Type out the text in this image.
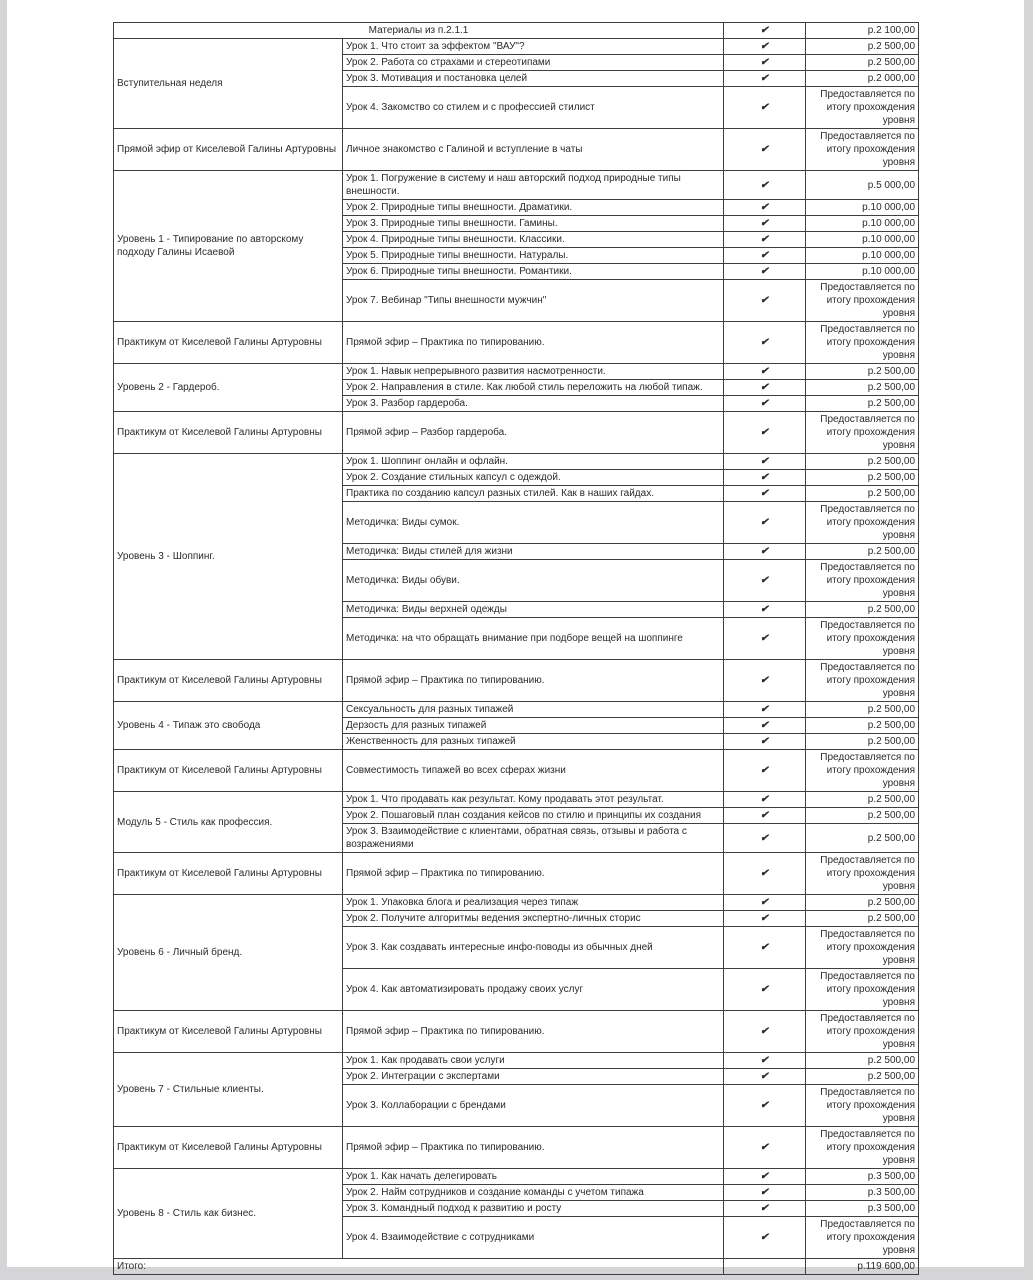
Материалы из п.2.1.1		✔	р.2 100,00
Вступительная неделя	Урок 1. Что стоит за эффектом "ВАУ"?	✔	р.2 500,00
	Урок 2. Работа со страхами и стереотипами	✔	р.2 500,00
	Урок 3. Мотивация и постановка целей	✔	р.2 000,00
	Урок 4. Закомство со стилем и с профессией стилист	✔	Предоставляется по итогу прохождения уровня
Прямой эфир от Киселевой Галины Артуровны	Личное знакомство с Галиной и вступление в чаты	✔	Предоставляется по итогу прохождения уровня
Уровень 1 - Типирование по авторскому подходу Галины Исаевой	Урок 1. Погружение в систему и наш авторский подход природные типы внешности.	✔	р.5 000,00
	Урок 2. Природные типы внешности. Драматики.	✔	р.10 000,00
	Урок 3. Природные типы внешности. Гамины.	✔	р.10 000,00
	Урок 4. Природные типы внешности. Классики.	✔	р.10 000,00
	Урок 5. Природные типы внешности. Натуралы.	✔	р.10 000,00
	Урок 6. Природные типы внешности. Романтики.	✔	р.10 000,00
	Урок 7. Вебинар "Типы внешности мужчин"	✔	Предоставляется по итогу прохождения уровня
Практикум от Киселевой Галины Артуровны	Прямой эфир – Практика по типированию.	✔	Предоставляется по итогу прохождения уровня
Уровень 2 - Гардероб.	Урок 1. Навык непрерывного развития насмотренности.	✔	р.2 500,00
	Урок 2. Направления в стиле. Как любой стиль переложить на любой типаж.	✔	р.2 500,00
	Урок 3. Разбор гардероба.	✔	р.2 500,00
Практикум от Киселевой Галины Артуровны	Прямой эфир – Разбор гардероба.	✔	Предоставляется по итогу прохождения уровня
Уровень 3 - Шоппинг.	Урок 1. Шоппинг онлайн и офлайн.	✔	р.2 500,00
	Урок 2. Создание стильных капсул с одеждой.	✔	р.2 500,00
	Практика по созданию капсул разных стилей. Как в наших гайдах.	✔	р.2 500,00
	Методичка: Виды сумок.	✔	Предоставляется по итогу прохождения уровня
	Методичка: Виды стилей для жизни	✔	р.2 500,00
	Методичка: Виды обуви.	✔	Предоставляется по итогу прохождения уровня
	Методичка: Виды верхней одежды	✔	р.2 500,00
	Методичка: на что обращать внимание при подборе вещей на шоппинге	✔	Предоставляется по итогу прохождения уровня
Практикум от Киселевой Галины Артуровны	Прямой эфир – Практика по типированию.	✔	Предоставляется по итогу прохождения уровня
Уровень 4 - Типаж это свобода	Сексуальность для разных типажей	✔	р.2 500,00
	Дерзость для разных типажей	✔	р.2 500,00
	Женственность для разных типажей	✔	р.2 500,00
Практикум от Киселевой Галины Артуровны	Совместимость типажей во всех сферах жизни	✔	Предоставляется по итогу прохождения уровня
Модуль 5 - Стиль как профессия.	Урок 1. Что продавать как результат. Кому продавать этот результат.	✔	р.2 500,00
	Урок 2. Пошаговый план создания кейсов по стилю и принципы их создания	✔	р.2 500,00
	Урок 3. Взаимодействие с клиентами, обратная связь, отзывы и работа с возражениями	✔	р.2 500,00
Практикум от Киселевой Галины Артуровны	Прямой эфир – Практика по типированию.	✔	Предоставляется по итогу прохождения уровня
Уровень 6 - Личный бренд.	Урок 1. Упаковка блога и реализация через типаж	✔	р.2 500,00
	Урок 2. Получите алгоритмы ведения экспертно-личных сторис	✔	р.2 500,00
	Урок 3. Как создавать интересные инфо-поводы из обычных дней	✔	Предоставляется по итогу прохождения уровня
	Урок 4. Как автоматизировать продажу своих услуг	✔	Предоставляется по итогу прохождения уровня
Практикум от Киселевой Галины Артуровны	Прямой эфир – Практика по типированию.	✔	Предоставляется по итогу прохождения уровня
Уровень 7 - Стильные клиенты.	Урок 1. Как продавать свои услуги	✔	р.2 500,00
	Урок 2. Интеграции с экспертами	✔	р.2 500,00
	Урок 3. Коллаборации с брендами	✔	Предоставляется по итогу прохождения уровня
Практикум от Киселевой Галины Артуровны	Прямой эфир – Практика по типированию.	✔	Предоставляется по итогу прохождения уровня
Уровень 8 - Стиль как бизнес.	Урок 1. Как начать делегировать	✔	р.3 500,00
	Урок 2. Найм сотрудников и создание команды с учетом типажа	✔	р.3 500,00
	Урок 3. Командный подход к развитию и росту	✔	р.3 500,00
	Урок 4. Взаимодействие с сотрудниками	✔	Предоставляется по итогу прохождения уровня
Итого:			р.119 600,00
